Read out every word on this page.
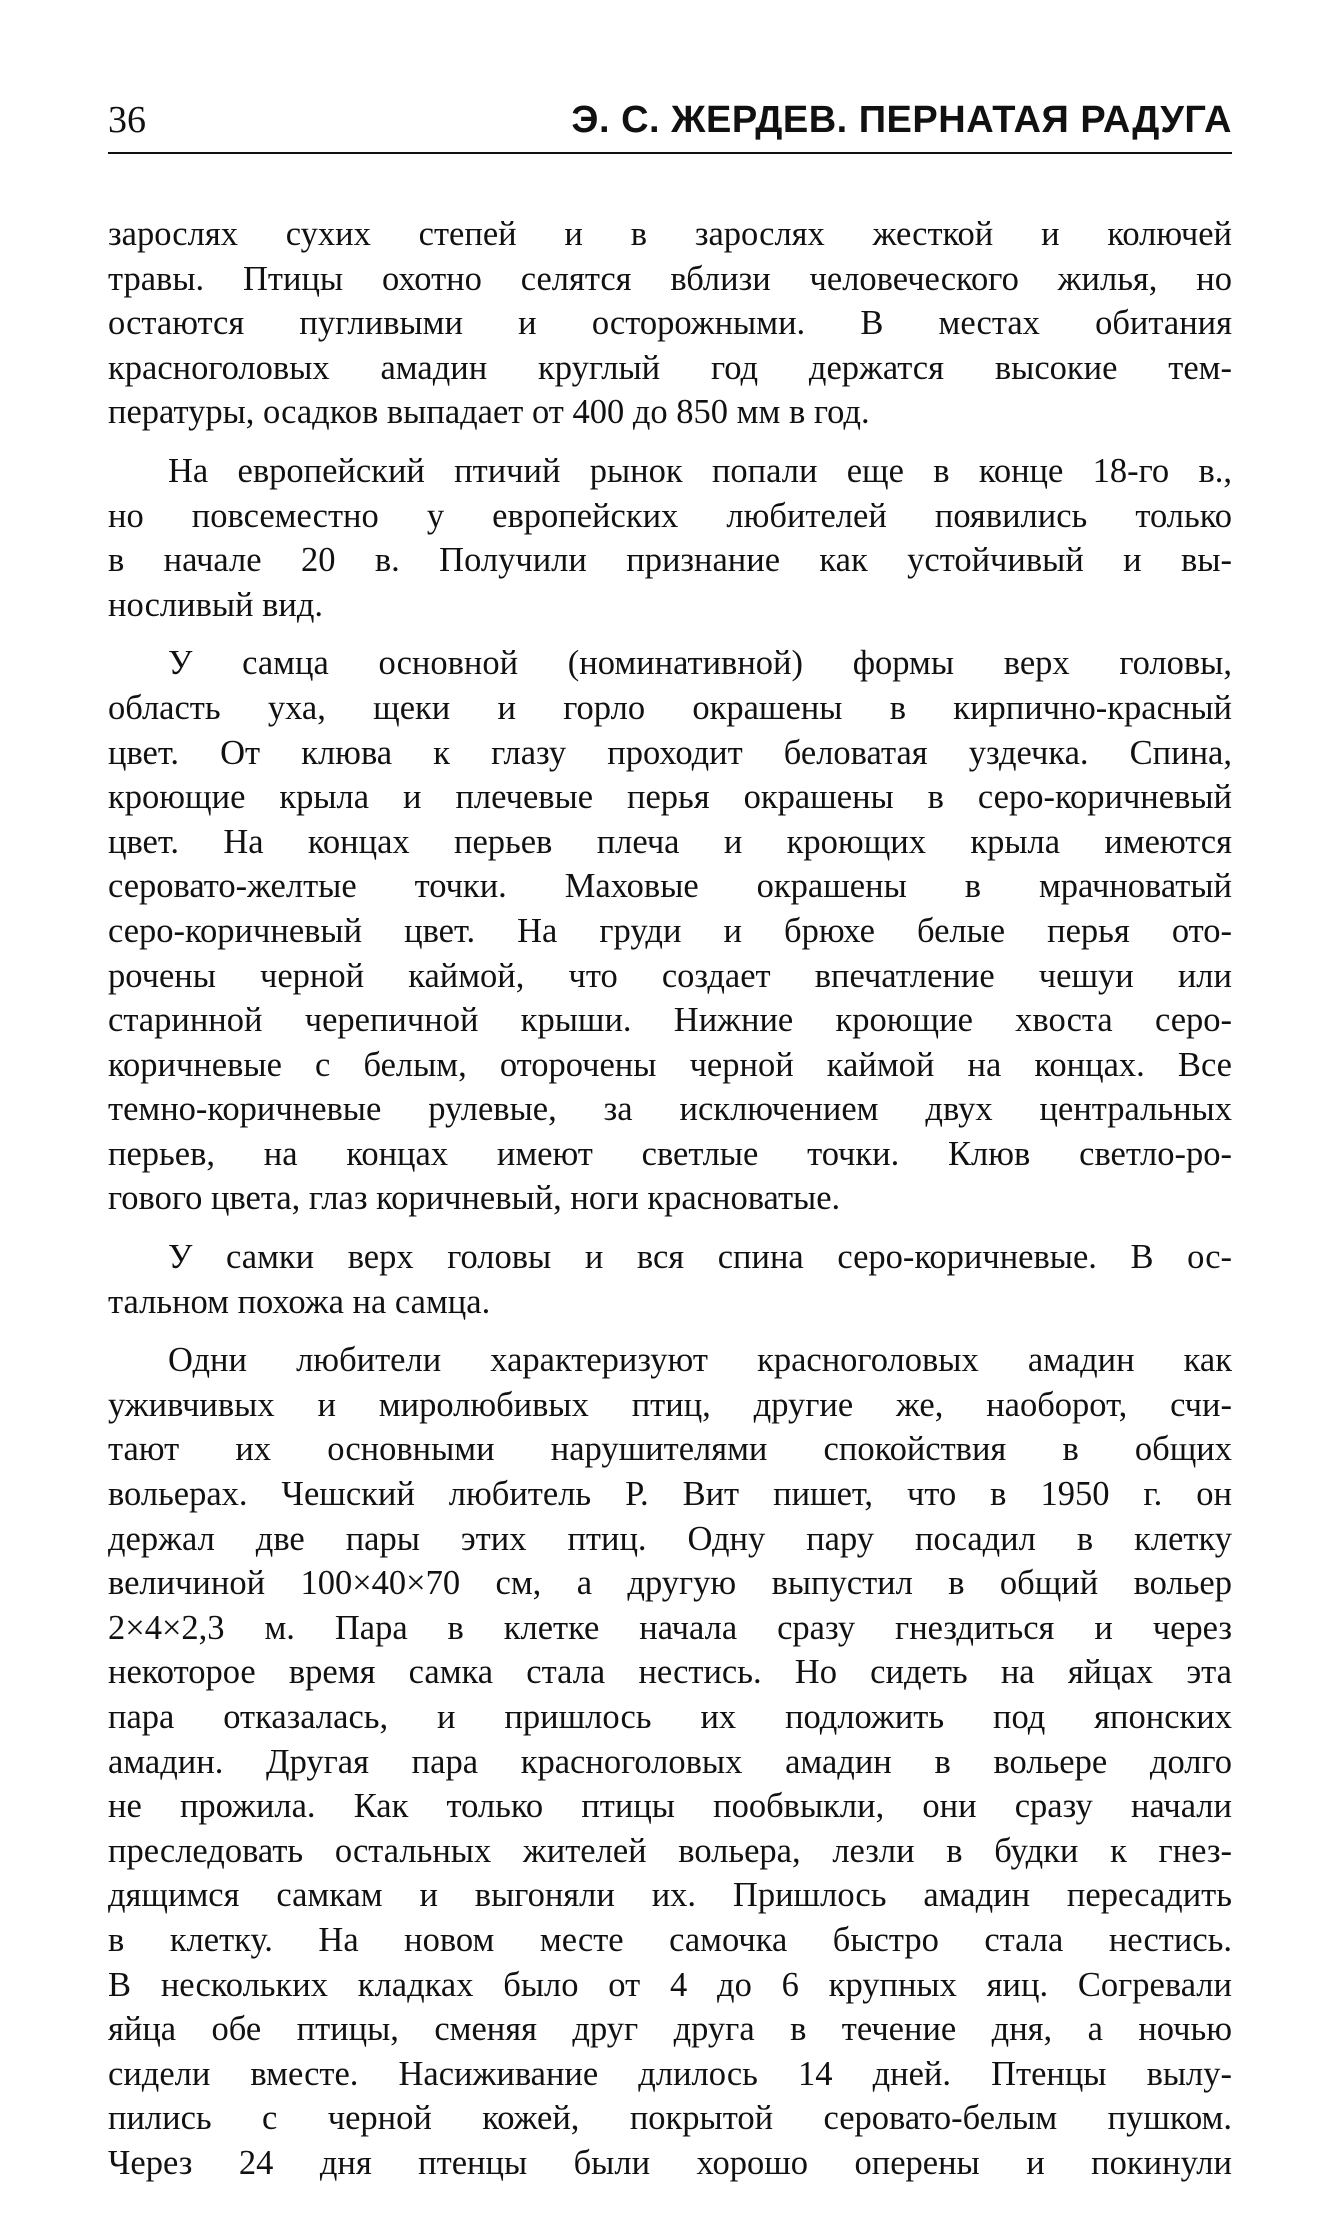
36	Э. С. ЖЕРДЕВ. ПЕРНАТАЯ РАДУГА
зарослях сухих степей и в зарослях жесткой и колючей
травы. Птицы охотно селятся вблизи человеческого жилья, но
остаются пугливыми и осторожными. В местах обитания
красноголовых амадин круглый год держатся высокие тем-
пературы, осадков выпадает от 400 до 850 мм в год.
На европейский птичий рынок попали еще в конце 18-го в.,
но повсеместно у европейских любителей появились только
в начале 20 в. Получили признание как устойчивый и вы-
носливый вид.
У самца основной (номинативной) формы верх головы,
область уха, щеки и горло окрашены в кирпично-красный
цвет. От клюва к глазу проходит беловатая уздечка. Спина,
кроющие крыла и плечевые перья окрашены в серо-коричневый
цвет. На концах перьев плеча и кроющих крыла имеются
серовато-желтые точки. Маховые окрашены в мрачноватый
серо-коричневый цвет. На груди и брюхе белые перья ото-
рочены черной каймой, что создает впечатление чешуи или
старинной черепичной крыши. Нижние кроющие хвоста серо-
коричневые с белым, оторочены черной каймой на концах. Все
темно-коричневые рулевые, за исключением двух центральных
перьев, на концах имеют светлые точки. Клюв светло-ро-
гового цвета, глаз коричневый, ноги красноватые.
У самки верх головы и вся спина серо-коричневые. В ос-
тальном похожа на самца.
Одни любители характеризуют красноголовых амадин как
уживчивых и миролюбивых птиц, другие же, наоборот, счи-
тают их основными нарушителями спокойствия в общих
вольерах. Чешский любитель Р. Вит пишет, что в 1950 г. он
держал две пары этих птиц. Одну пару посадил в клетку
величиной 100×40×70 см, а другую выпустил в общий вольер
2×4×2,3 м. Пара в клетке начала сразу гнездиться и через
некоторое время самка стала нестись. Но сидеть на яйцах эта
пара отказалась, и пришлось их подложить под японских
амадин. Другая пара красноголовых амадин в вольере долго
не прожила. Как только птицы пообвыкли, они сразу начали
преследовать остальных жителей вольера, лезли в будки к гнез-
дящимся самкам и выгоняли их. Пришлось амадин пересадить
в клетку. На новом месте самочка быстро стала нестись.
В нескольких кладках было от 4 до 6 крупных яиц. Согревали
яйца обе птицы, сменяя друг друга в течение дня, а ночью
сидели вместе. Насиживание длилось 14 дней. Птенцы вылу-
пились с черной кожей, покрытой серовато-белым пушком.
Через 24 дня птенцы были хорошо оперены и покинули
